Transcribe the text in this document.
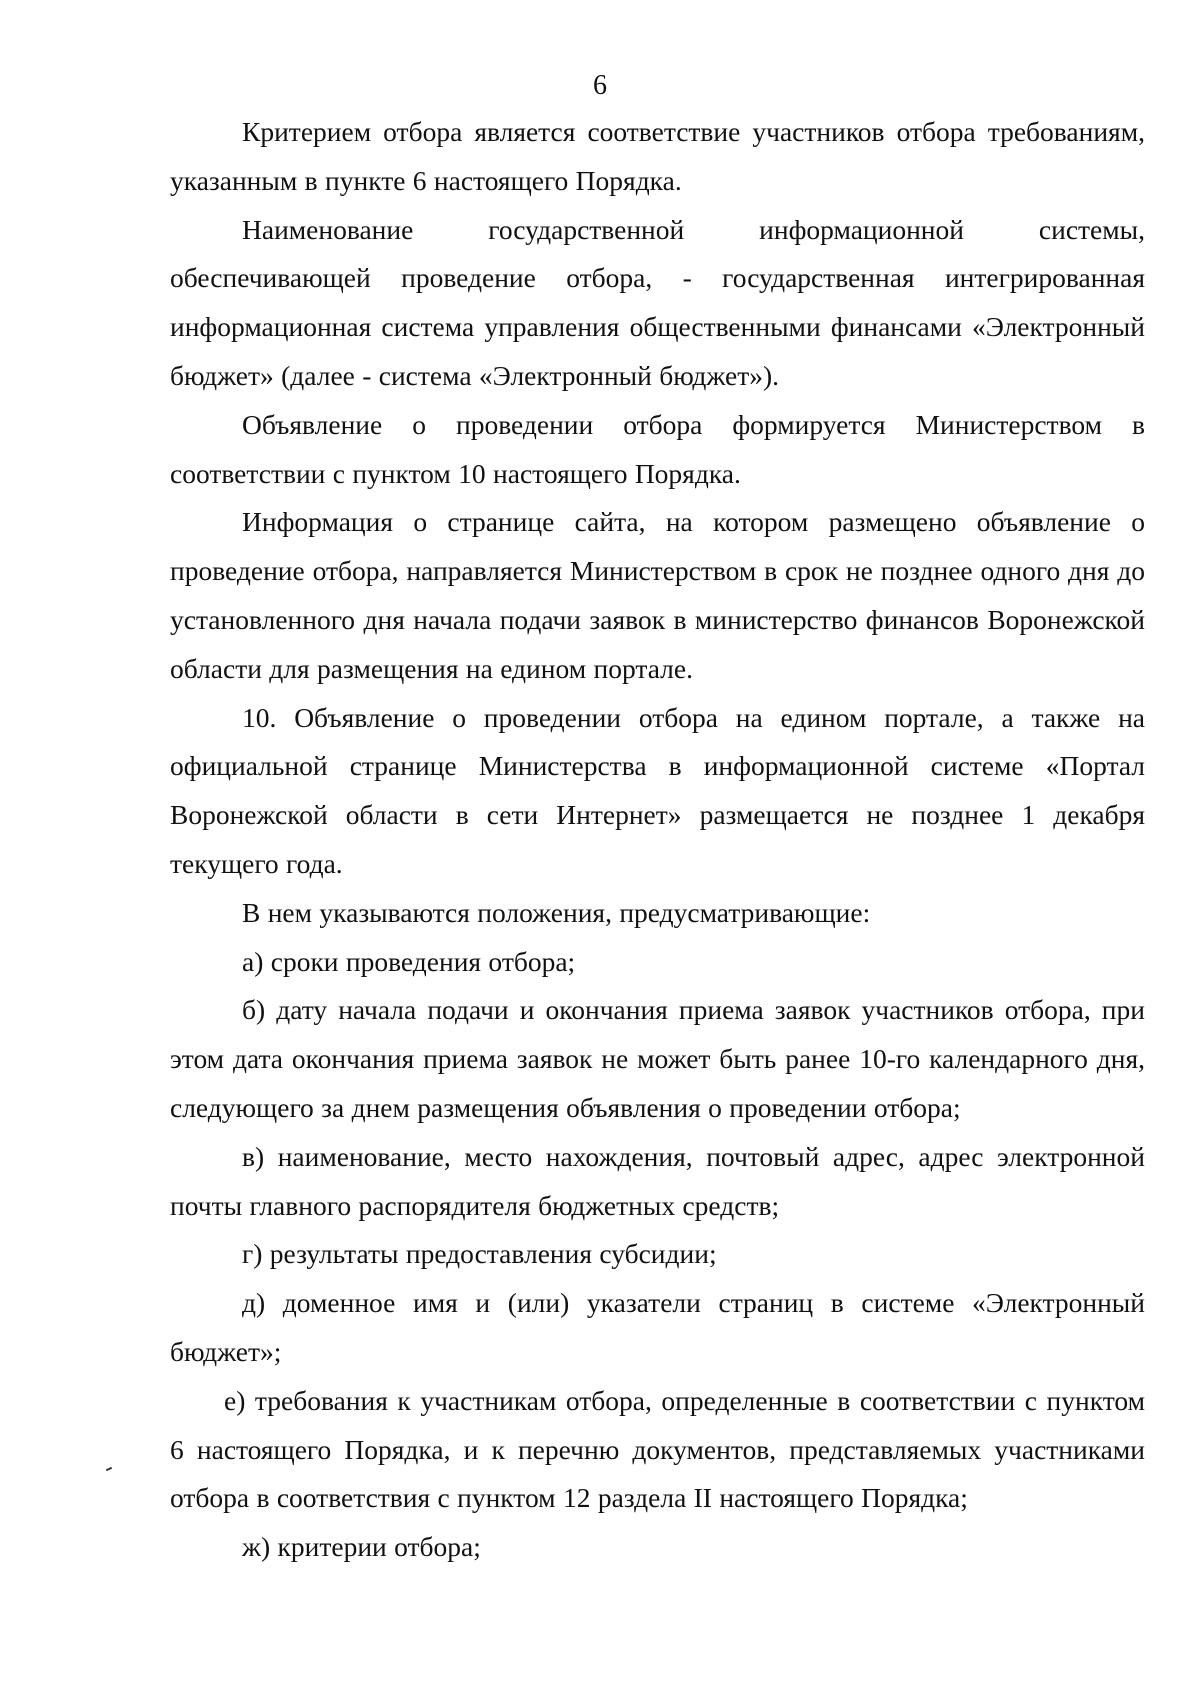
6

Критерием отбора является соответствие участников отбора требованиям, указанным в пункте 6 настоящего Порядка.

Наименование государственной информационной системы, обеспечивающей проведение отбора, - государственная интегрированная информационная система управления общественными финансами «Электронный бюджет» (далее - система «Электронный бюджет»).

Объявление о проведении отбора формируется Министерством в соответствии с пунктом 10 настоящего Порядка.

Информация о странице сайта, на котором размещено объявление о проведение отбора, направляется Министерством в срок не позднее одного дня до установленного дня начала подачи заявок в министерство финансов Воронежской области для размещения на едином портале.

10. Объявление о проведении отбора на едином портале, а также на официальной странице Министерства в информационной системе «Портал Воронежской области в сети Интернет» размещается не позднее 1 декабря текущего года.

В нем указываются положения, предусматривающие:

а) сроки проведения отбора;

б) дату начала подачи и окончания приема заявок участников отбора, при этом дата окончания приема заявок не может быть ранее 10-го календарного дня, следующего за днем размещения объявления о проведении отбора;

в) наименование, место нахождения, почтовый адрес, адрес электронной почты главного распорядителя бюджетных средств;

г) результаты предоставления субсидии;

д) доменное имя и (или) указатели страниц в системе «Электронный бюджет»;

е) требования к участникам отбора, определенные в соответствии с пунктом 6 настоящего Порядка, и к перечню документов, представляемых участниками отбора в соответствия с пунктом 12 раздела II настоящего Порядка;

ж) критерии отбора;
